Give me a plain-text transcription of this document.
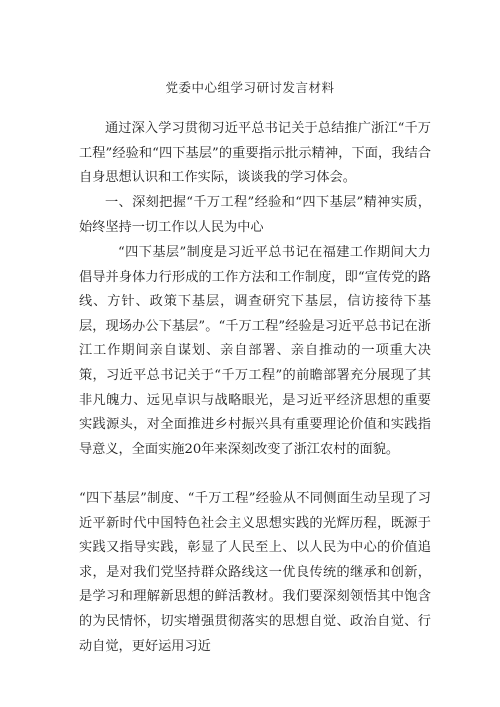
党委中心组学习研讨发言材料
通过深入学习贯彻习近平总书记关于总结推广浙江“千万工程”经验和“四下基层”的重要指示批示精神，下面，我结合自身思想认识和工作实际，谈谈我的学习体会。
一、深刻把握“千万工程”经验和“四下基层”精神实质，始终坚持一切工作以人民为中心
“四下基层”制度是习近平总书记在福建工作期间大力倡导并身体力行形成的工作方法和工作制度，即“宣传党的路线、方针、政策下基层，调查研究下基层，信访接待下基层，现场办公下基层”。“千万工程”经验是习近平总书记在浙江工作期间亲自谋划、亲自部署、亲自推动的一项重大决策，习近平总书记关于“千万工程”的前瞻部署充分展现了其非凡魄力、远见卓识与战略眼光，是习近平经济思想的重要实践源头，对全面推进乡村振兴具有重要理论价值和实践指导意义，全面实施20年来深刻改变了浙江农村的面貌。
“四下基层”制度、“千万工程”经验从不同侧面生动呈现了习近平新时代中国特色社会主义思想实践的光辉历程，既源于实践又指导实践，彰显了人民至上、以人民为中心的价值追求，是对我们党坚持群众路线这一优良传统的继承和创新，是学习和理解新思想的鲜活教材。我们要深刻领悟其中饱含的为民情怀，切实增强贯彻落实的思想自觉、政治自觉、行动自觉，更好运用习近
